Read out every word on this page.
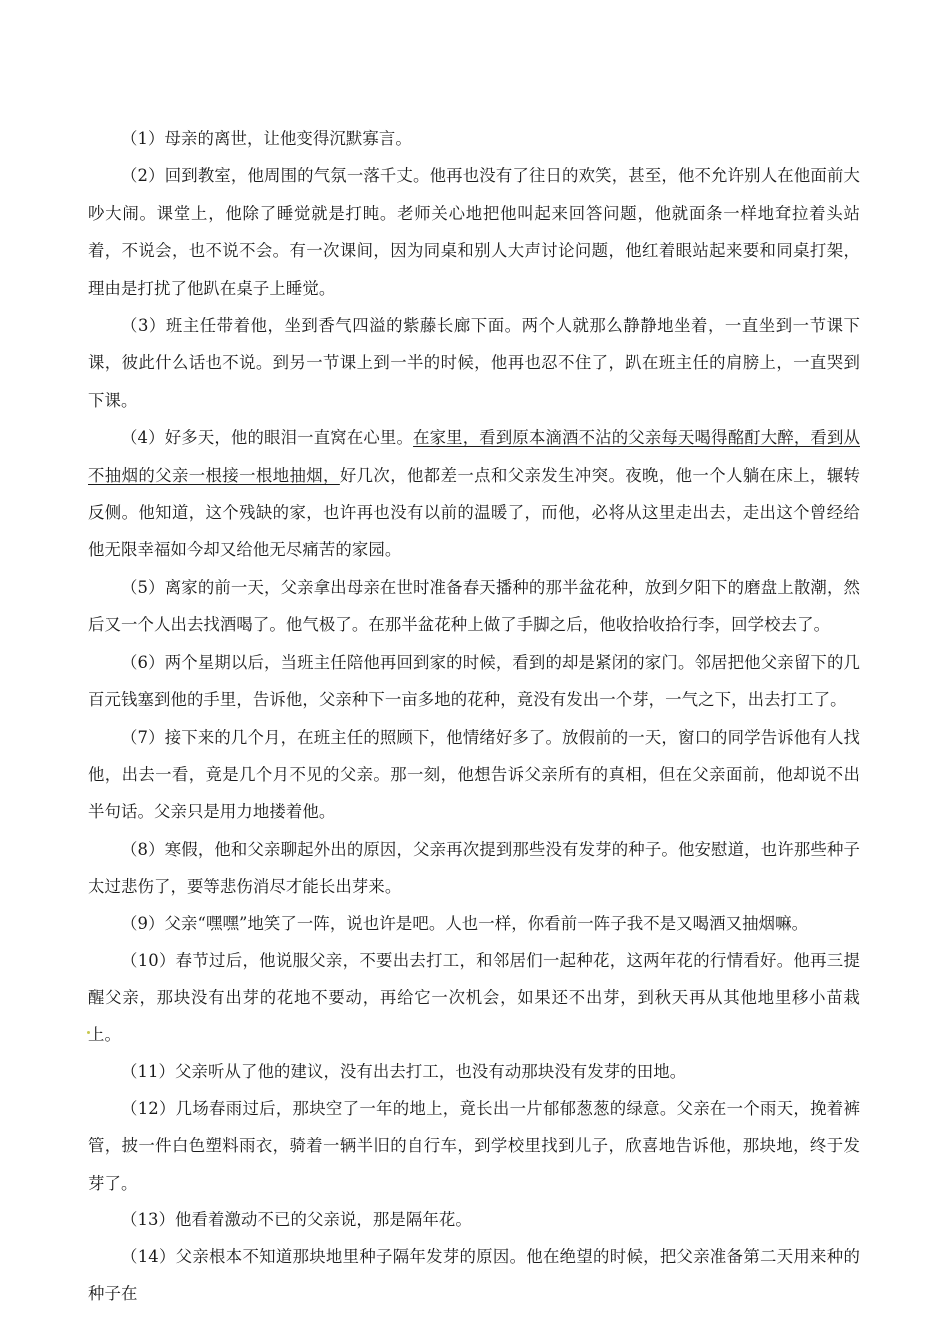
（1）母亲的离世，让他变得沉默寡言。

（2）回到教室，他周围的气氛一落千丈。他再也没有了往日的欢笑，甚至，他不允许别人在他面前大吵大闹。课堂上，他除了睡觉就是打盹。老师关心地把他叫起来回答问题，他就面条一样地耷拉着头站着，不说会，也不说不会。有一次课间，因为同桌和别人大声讨论问题，他红着眼站起来要和同桌打架，理由是打扰了他趴在桌子上睡觉。

（3）班主任带着他，坐到香气四溢的紫藤长廊下面。两个人就那么静静地坐着，一直坐到一节课下课，彼此什么话也不说。到另一节课上到一半的时候，他再也忍不住了，趴在班主任的肩膀上，一直哭到下课。

（4）好多天，他的眼泪一直窝在心里。在家里，看到原本滴酒不沾的父亲每天喝得酩酊大醉，看到从不抽烟的父亲一根接一根地抽烟，好几次，他都差一点和父亲发生冲突。夜晚，他一个人躺在床上，辗转反侧。他知道，这个残缺的家，也许再也没有以前的温暖了，而他，必将从这里走出去，走出这个曾经给他无限幸福如今却又给他无尽痛苦的家园。

（5）离家的前一天，父亲拿出母亲在世时准备春天播种的那半盆花种，放到夕阳下的磨盘上散潮，然后又一个人出去找酒喝了。他气极了。在那半盆花种上做了手脚之后，他收拾收拾行李，回学校去了。

（6）两个星期以后，当班主任陪他再回到家的时候，看到的却是紧闭的家门。邻居把他父亲留下的几百元钱塞到他的手里，告诉他，父亲种下一亩多地的花种，竟没有发出一个芽，一气之下，出去打工了。

（7）接下来的几个月，在班主任的照顾下，他情绪好多了。放假前的一天，窗口的同学告诉他有人找他，出去一看，竟是几个月不见的父亲。那一刻，他想告诉父亲所有的真相，但在父亲面前，他却说不出半句话。父亲只是用力地搂着他。

（8）寒假，他和父亲聊起外出的原因，父亲再次提到那些没有发芽的种子。他安慰道，也许那些种子太过悲伤了，要等悲伤消尽才能长出芽来。

（9）父亲“嘿嘿”地笑了一阵，说也许是吧。人也一样，你看前一阵子我不是又喝酒又抽烟嘛。

（10）春节过后，他说服父亲，不要出去打工，和邻居们一起种花，这两年花的行情看好。他再三提醒父亲，那块没有出芽的花地不要动，再给它一次机会，如果还不出芽，到秋天再从其他地里移小苗栽上。

（11）父亲听从了他的建议，没有出去打工，也没有动那块没有发芽的田地。

（12）几场春雨过后，那块空了一年的地上，竟长出一片郁郁葱葱的绿意。父亲在一个雨天，挽着裤管，披一件白色塑料雨衣，骑着一辆半旧的自行车，到学校里找到儿子，欣喜地告诉他，那块地，终于发芽了。

（13）他看着激动不已的父亲说，那是隔年花。

（14）父亲根本不知道那块地里种子隔年发芽的原因。他在绝望的时候，把父亲准备第二天用来种的种子在
